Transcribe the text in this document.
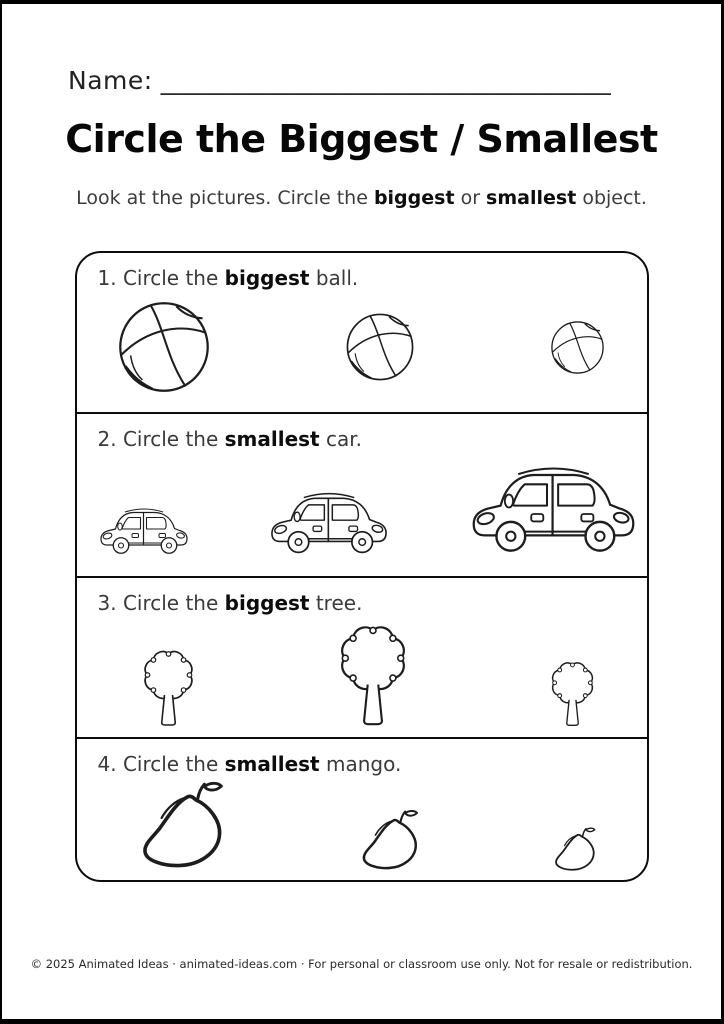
Name: ____________________________________
Circle the Biggest / Smallest

Look at the pictures. Circle the biggest or smallest object.

1. Circle the biggest ball.

2. Circle the smallest car.

3. Circle the biggest tree.

4. Circle the smallest mango.

© 2025 Animated Ideas · animated-ideas.com · For personal or classroom use only. Not for resale or redistribution.
